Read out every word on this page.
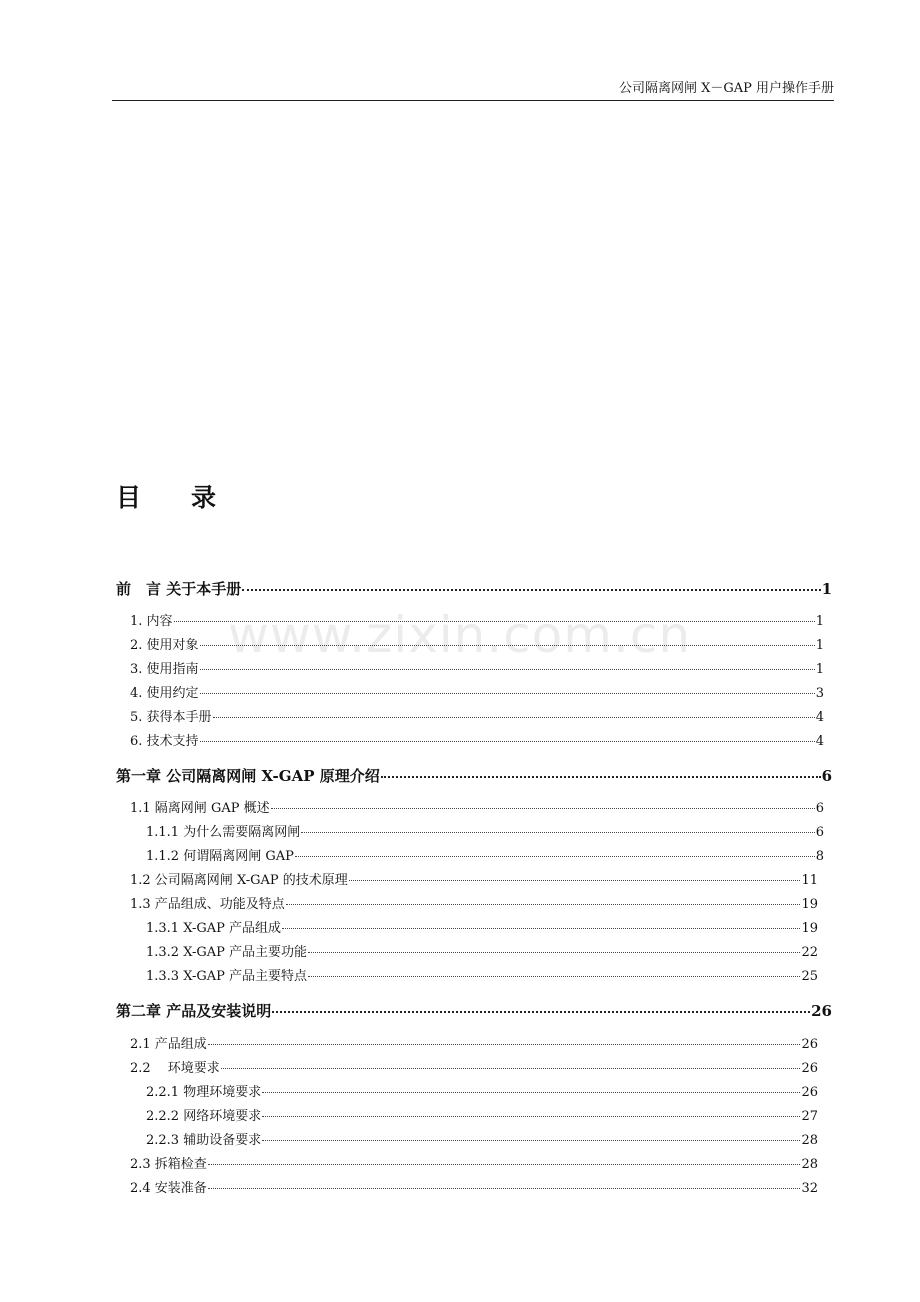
公司隔离网闸 X－GAP 用户操作手册
目　　录
www.zixin.com.cn
前　言 关于本手册	1
1. 内容	1
2. 使用对象	1
3. 使用指南	1
4. 使用约定	3
5. 获得本手册	4
6. 技术支持	4
第一章 公司隔离网闸 X-GAP 原理介绍	6
1.1 隔离网闸 GAP 概述	6
1.1.1 为什么需要隔离网闸	6
1.1.2 何谓隔离网闸 GAP	8
1.2 公司隔离网闸 X-GAP 的技术原理	11
1.3 产品组成、功能及特点	19
1.3.1 X-GAP 产品组成	19
1.3.2 X-GAP 产品主要功能	22
1.3.3 X-GAP 产品主要特点	25
第二章 产品及安装说明	26
2.1 产品组成	26
2.2　 环境要求	26
2.2.1 物理环境要求	26
2.2.2 网络环境要求	27
2.2.3 辅助设备要求	28
2.3 拆箱检查	28
2.4 安装准备	32
